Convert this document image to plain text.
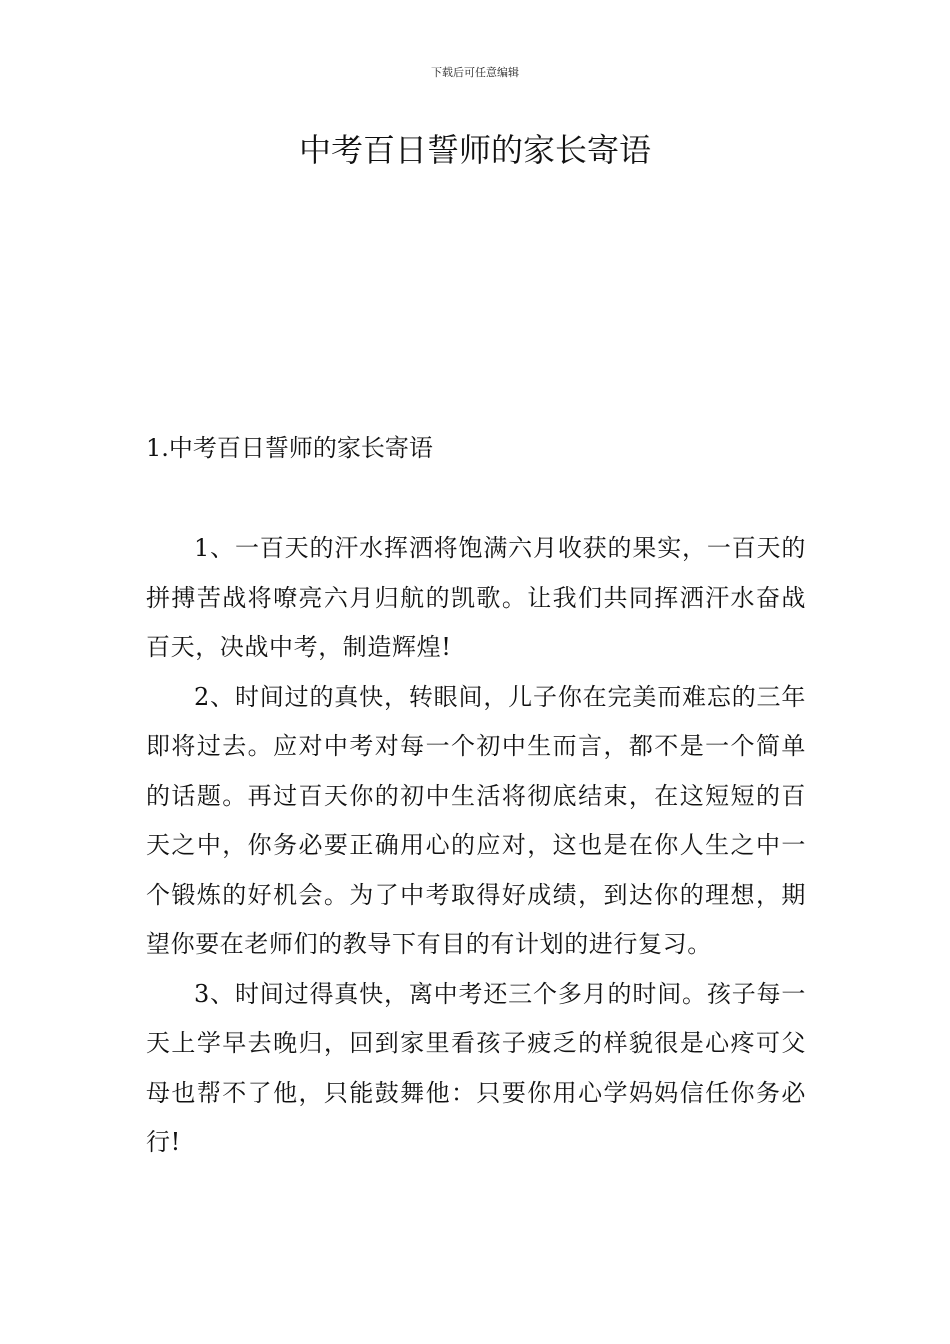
下载后可任意编辑
中考百日誓师的家长寄语
1.中考百日誓师的家长寄语

1、一百天的汗水挥洒将饱满六月收获的果实，一百天的拼搏苦战将嘹亮六月归航的凯歌。让我们共同挥洒汗水奋战百天，决战中考，制造辉煌!

2、时间过的真快，转眼间，儿子你在完美而难忘的三年即将过去。应对中考对每一个初中生而言，都不是一个简单的话题。再过百天你的初中生活将彻底结束，在这短短的百天之中，你务必要正确用心的应对，这也是在你人生之中一个锻炼的好机会。为了中考取得好成绩，到达你的理想，期望你要在老师们的教导下有目的有计划的进行复习。

3、时间过得真快，离中考还三个多月的时间。孩子每一天上学早去晚归，回到家里看孩子疲乏的样貌很是心疼可父母也帮不了他，只能鼓舞他：只要你用心学妈妈信任你务必行!
